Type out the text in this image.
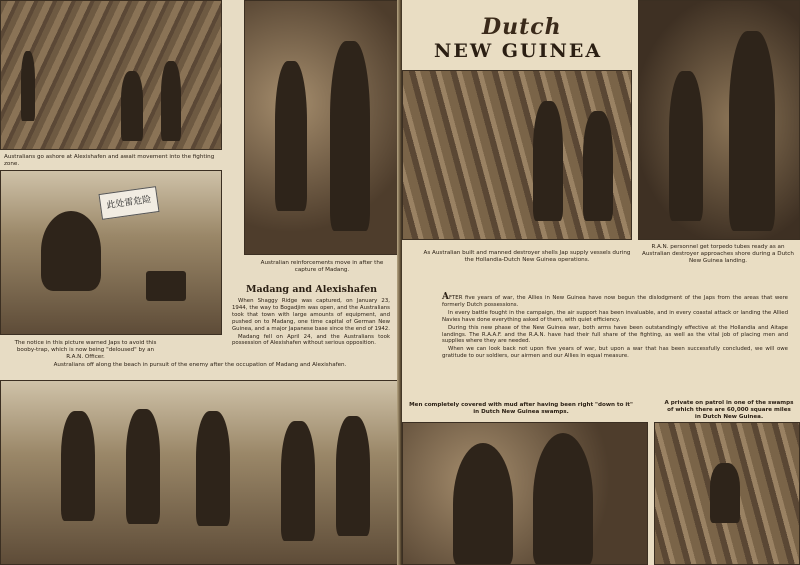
Australians go ashore at Alexishafen and await movement into the fighting zone.
此处雷危险
The notice in this picture warned Japs to avoid this booby-trap, which is now being "deloused" by an R.A.N. Officer.
Australian reinforcements move in after the capture of Madang.
Madang and Alexishafen

When Shaggy Ridge was captured, on January 23, 1944, the way to Bogadjim was open, and the Australians took that town with large amounts of equipment, and pushed on to Madang, one time capital of German New Guinea, and a major Japanese base since the end of 1942.

Madang fell on April 24, and the Australians took possession of Alexishafen without serious opposition.

Australians off along the beach in pursuit of the enemy after the occupation of Madang and Alexishafen.
Dutch
NEW GUINEA
As Australian built and manned destroyer shells Jap supply vessels during the Hollandia-Dutch New Guinea operations.
R.A.N. personnel get torpedo tubes ready as an Australian destroyer approaches shore during a Dutch New Guinea landing.

AFTER five years of war, the Allies in New Guinea have now begun the dislodgment of the Japs from the areas that were formerly Dutch possessions.

In every battle fought in the campaign, the air support has been invaluable, and in every coastal attack or landing the Allied Navies have done everything asked of them, with quiet efficiency.

During this new phase of the New Guinea war, both arms have been outstandingly effective at the Hollandia and Aitape landings. The R.A.A.F. and the R.A.N. have had their full share of the fighting, as well as the vital job of placing men and supplies where they are needed.

When we can look back not upon five years of war, but upon a war that has been successfully concluded, we will owe gratitude to our soldiers, our airmen and our Allies in equal measure.

Men completely covered with mud after having been right "down to it" in Dutch New Guinea swamps.
A private on patrol in one of the swamps of which there are 60,000 square miles in Dutch New Guinea.
